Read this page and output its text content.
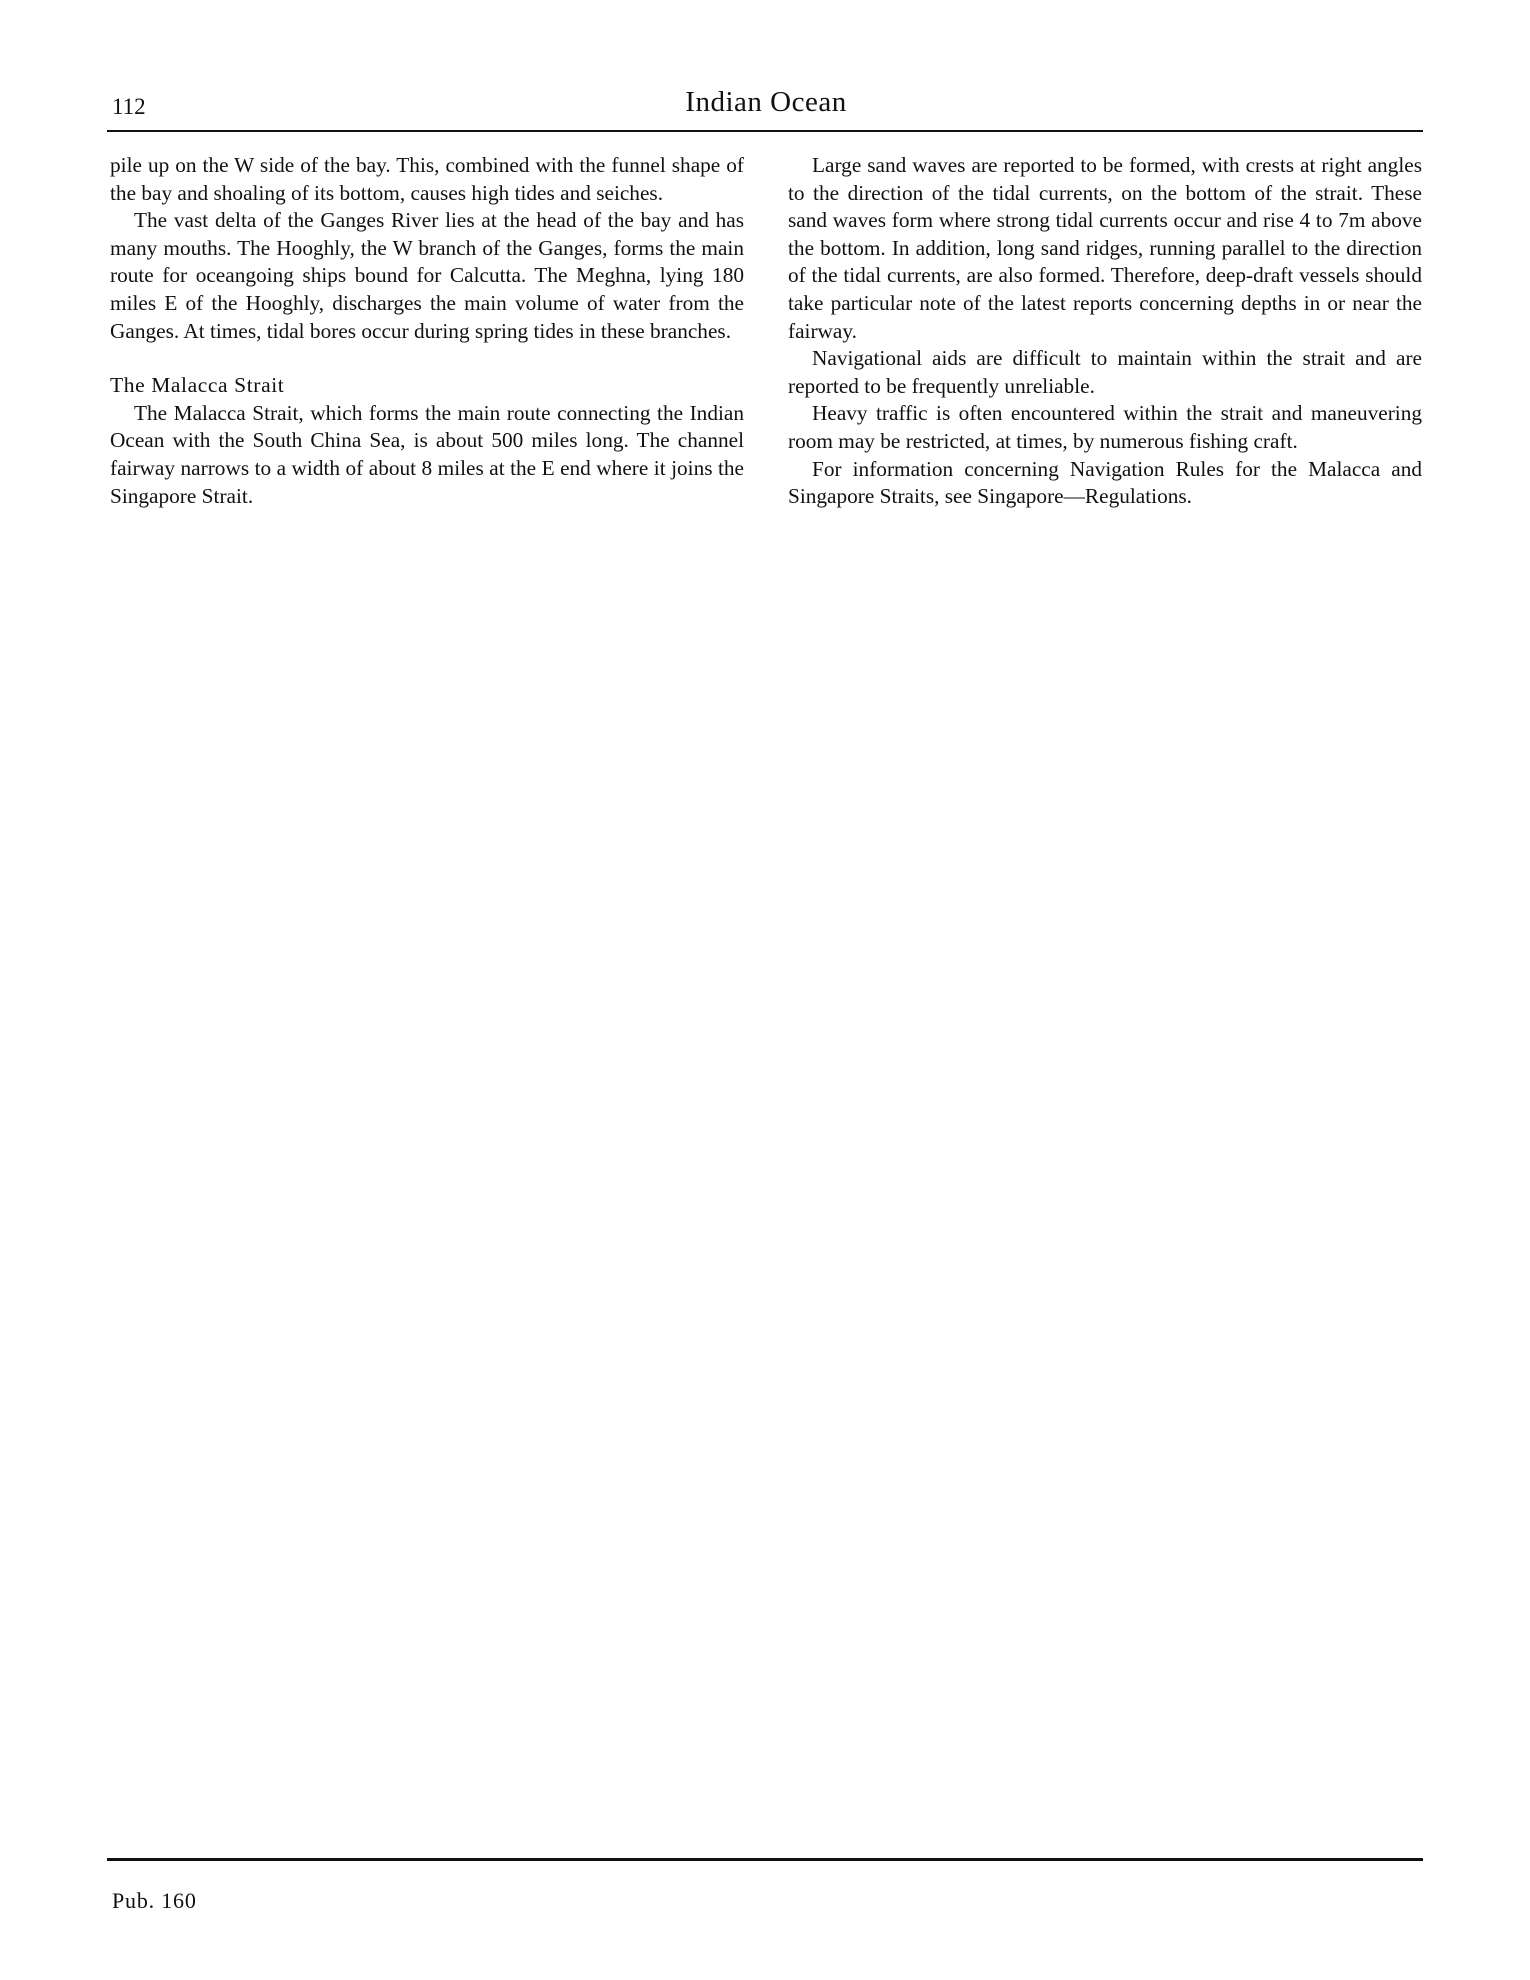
112	Indian Ocean

pile up on the W side of the bay. This, combined with the funnel shape of the bay and shoaling of its bottom, causes high tides and seiches.

The vast delta of the Ganges River lies at the head of the bay and has many mouths. The Hooghly, the W branch of the Ganges, forms the main route for oceangoing ships bound for Calcutta. The Meghna, lying 180 miles E of the Hooghly, discharges the main volume of water from the Ganges. At times, tidal bores occur during spring tides in these branches.

The Malacca Strait

The Malacca Strait, which forms the main route connecting the Indian Ocean with the South China Sea, is about 500 miles long. The channel fairway narrows to a width of about 8 miles at the E end where it joins the Singapore Strait.

Large sand waves are reported to be formed, with crests at right angles to the direction of the tidal currents, on the bottom of the strait. These sand waves form where strong tidal currents occur and rise 4 to 7m above the bottom. In addition, long sand ridges, running parallel to the direction of the tidal currents, are also formed. Therefore, deep-draft vessels should take particular note of the latest reports concerning depths in or near the fairway.

Navigational aids are difficult to maintain within the strait and are reported to be frequently unreliable.

Heavy traffic is often encountered within the strait and maneuvering room may be restricted, at times, by numerous fishing craft.

For information concerning Navigation Rules for the Malacca and Singapore Straits, see Singapore—Regulations.

Pub. 160
